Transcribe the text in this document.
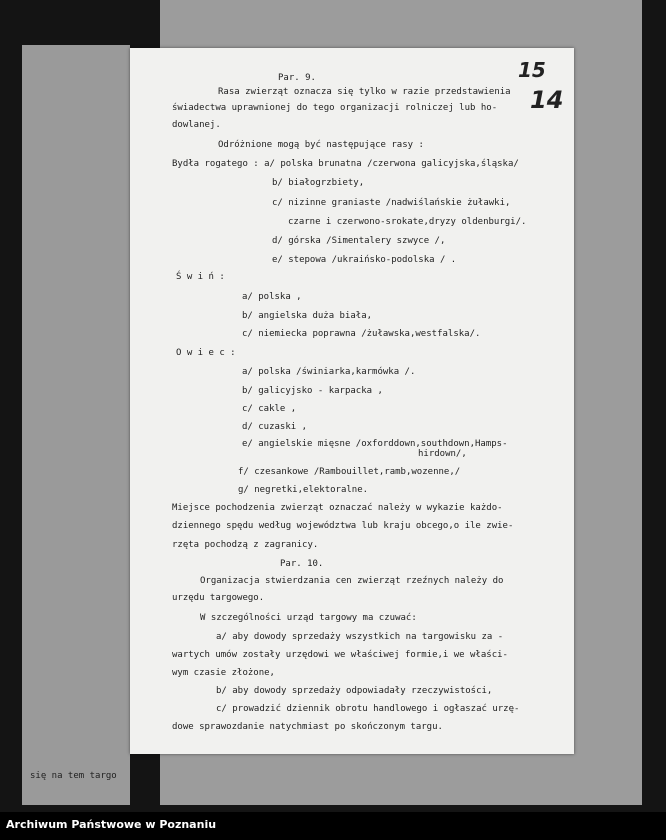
się na tem targo
15
14
Par. 9.
Rasa zwierząt oznacza się tylko w razie przedstawienia
świadectwa uprawnionej do tego organizacji rolniczej lub ho-
dowlanej.
Odróżnione mogą być następujące rasy :
Bydła rogatego : a/ polska brunatna /czerwona galicyjska,śląska/
b/ białogrzbiety,
c/ nizinne graniaste /nadwiślańskie żuławki,
czarne i czerwono-srokate,dryzy oldenburgi/.
d/ górska /Simentalery szwyce /,
e/ stepowa /ukraińsko-podolska / .
Ś w i ń :
a/ polska ,
b/ angielska duża biała,
c/ niemiecka poprawna /żuławska,westfalska/.
O w i e c :
a/ polska /świniarka,karmówka /.
b/ galicyjsko - karpacka ,
c/ cakle ,
d/ cuzaski ,
e/ angielskie mięsne /oxforddown,southdown,Hamps-
hirdown/,
f/ czesankowe /Rambouillet,ramb,wozenne,/
g/ negretki,elektoralne.
Miejsce pochodzenia zwierząt oznaczać należy w wykazie każdo-
dziennego spędu według województwa lub kraju obcego,o ile zwie-
rzęta pochodzą z zagranicy.
Par. 10.
Organizacja stwierdzania cen zwierząt rzeźnych należy do
urzędu targowego.
W szczególności urząd targowy ma czuwać:
a/ aby dowody sprzedaży wszystkich na targowisku za -
wartych umów zostały urzędowi we właściwej formie,i we właści-
wym czasie złożone,
b/ aby dowody sprzedaży odpowiadały rzeczywistości,
c/ prowadzić dziennik obrotu handlowego i ogłaszać urzę-
dowe sprawozdanie natychmiast po skończonym targu.
Archiwum Państwowe w Poznaniu
